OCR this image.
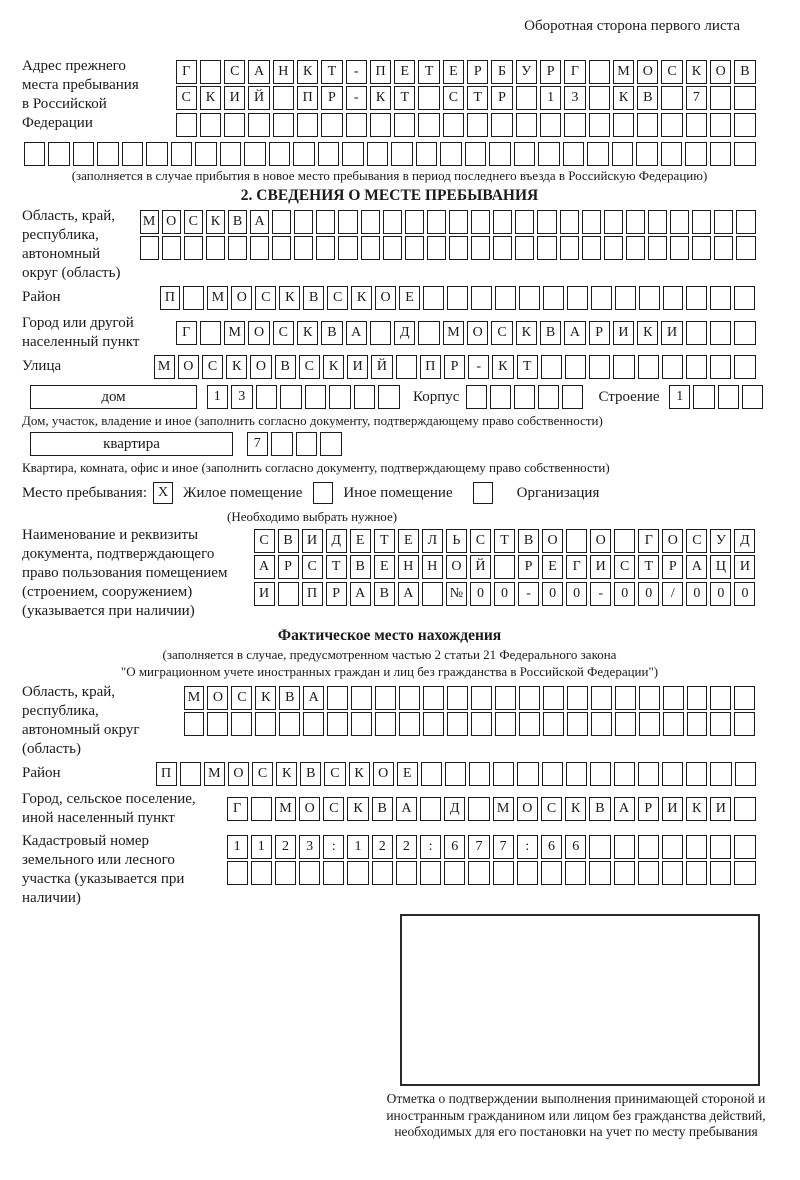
Оборотная сторона первого листа
Адрес прежнего места пребывания в Российской Федерации
Г	С	А	Н	К	Т	-	П	Е	Т	Е	Р	Б	У	Р	Г	М О	С	К	О	В
С	К	И	Й	П	Р	-	К	Т	С	Т	Р	1	3	К	В	7
(заполняется в случае прибытия в новое место пребывания в период последнего въезда в Российскую Федерацию)
2. СВЕДЕНИЯ О МЕСТЕ ПРЕБЫВАНИЯ
Область, край, республика, автономный округ (область)
М О С К В А
Район	П	М О	С	К	В	С	К	О	Е
Город или другой населенный пункт
Г	М О	С	К	В	А	Д	М О	С	К	В	А	Р	И	К	И
Улица	М О	С	К	О	В	С	К	И	Й	П	Р	-	К	Т
дом	1	3	Корпус	Строение	1
Дом, участок, владение и иное (заполнить согласно документу, подтверждающему право собственности)
квартира	7
Квартира, комната, офис и иное (заполнить согласно документу, подтверждающему право собственности)
Место пребывания: X Жилое помещение	Иное помещение	Организация
(Необходимо выбрать нужное)
Наименование и реквизиты документа, подтверждающего право пользования помещением (строением, сооружением) (указывается при наличии)
С	В	И	Д	Е	Т	Е	Л	Ь	С	Т	В	О	О	Г	О	С	У	Д
А	Р	С	Т	В	Е	Н Н О Й	Р	Е	Г	И	С	Т	Р	А Ц И
И	П	Р	А	В	А	№ 0	0	-	0	0	-	0	0	/	0	0	0
Фактическое место нахождения
(заполняется в случае, предусмотренном частью 2 статьи 21 Федерального закона
"О миграционном учете иностранных граждан и лиц без гражданства в Российской Федерации")
Область, край, республика, автономный округ (область)
М О	С	К	В	А
Район	П	М О	С	К	В	С	К	О	Е
Город, сельское поселение, иной населенный пункт
Г	М О	С	К	В	А	Д	М О	С	К	В	А	Р	И	К	И
Кадастровый номер земельного или лесного участка (указывается при наличии)
1	1	2	3	:	1	2	2	:	6	7	7	:	6	6
Отметка о подтверждении выполнения принимающей стороной и иностранным гражданином или лицом без гражданства действий, необходимых для его постановки на учет по месту пребывания
